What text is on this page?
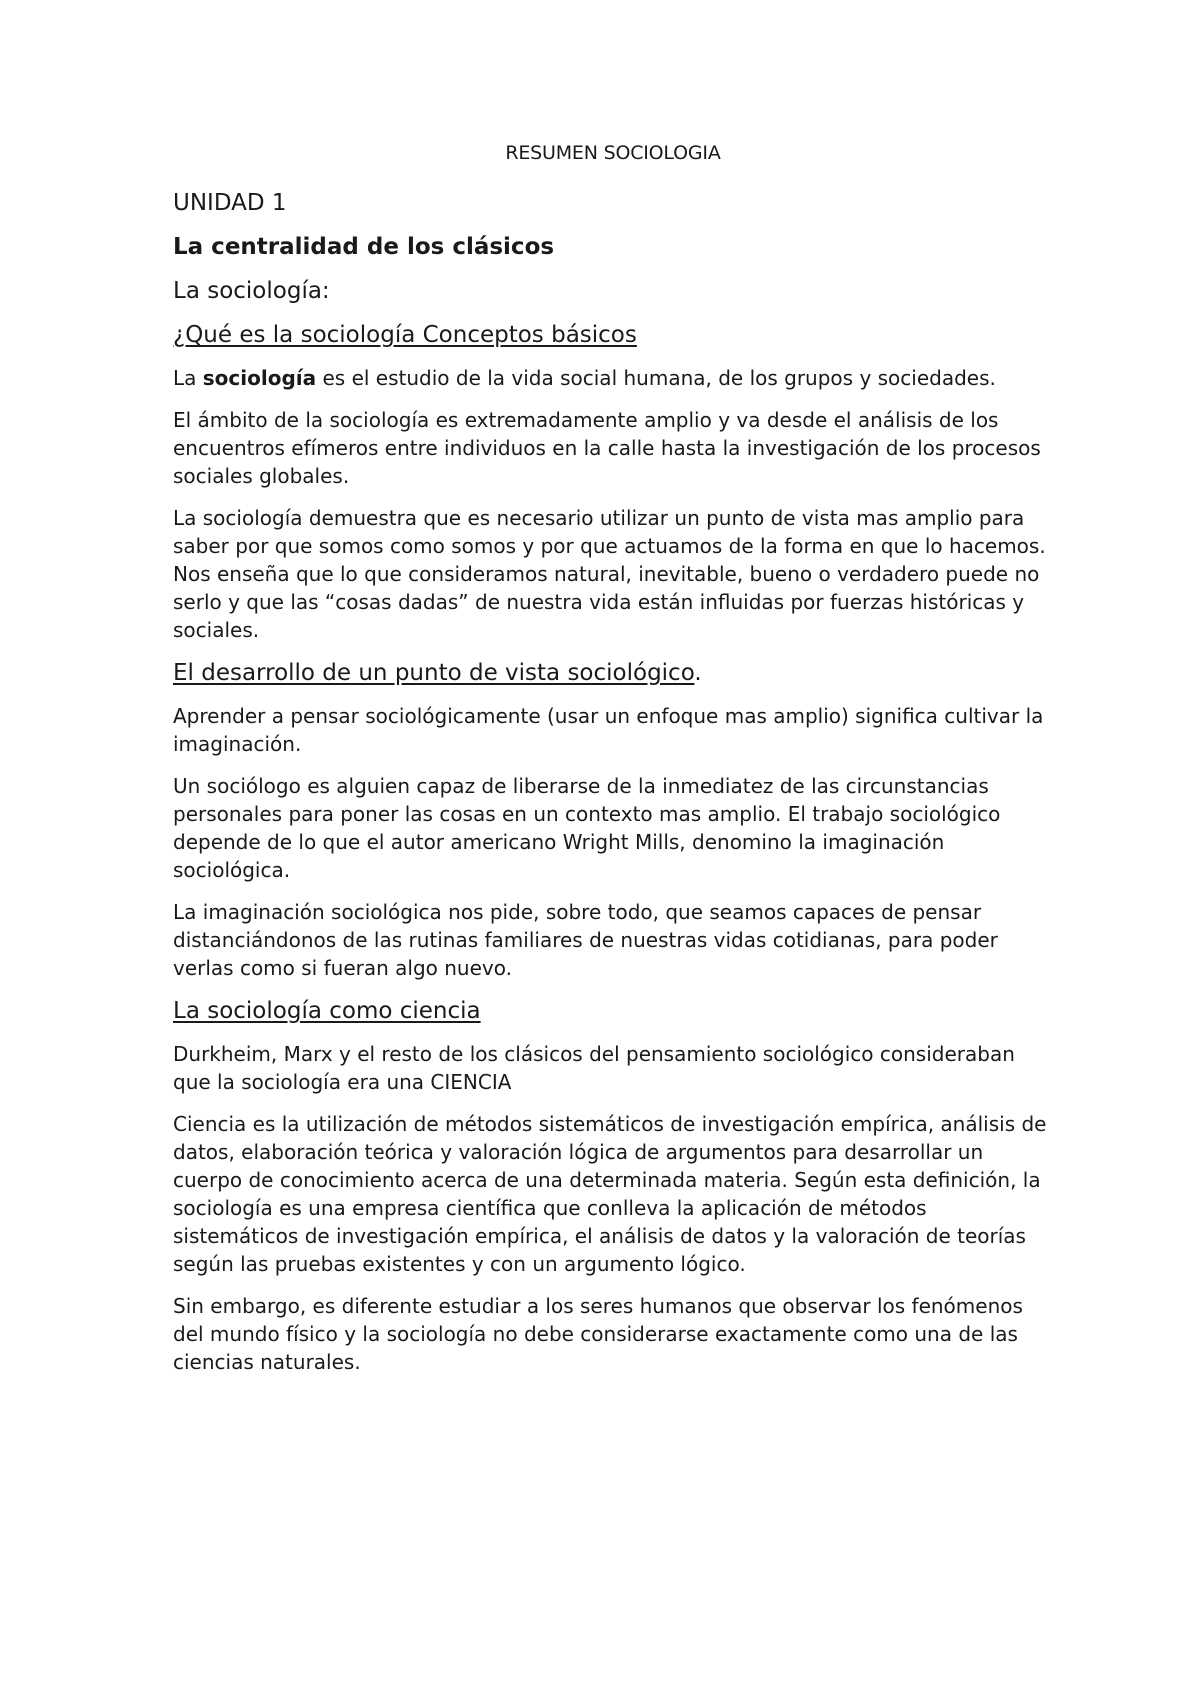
RESUMEN SOCIOLOGIA
UNIDAD 1
La centralidad de los clásicos
La sociología:
¿Qué es la sociología Conceptos básicos

La sociología es el estudio de la vida social humana, de los grupos y sociedades.

El ámbito de la sociología es extremadamente amplio y va desde el análisis de los encuentros efímeros entre individuos en la calle hasta la investigación de los procesos sociales globales.

La sociología demuestra que es necesario utilizar un punto de vista mas amplio para saber por que somos como somos y por que actuamos de la forma en que lo hacemos. Nos enseña que lo que consideramos natural, inevitable, bueno o verdadero puede no serlo y que las “cosas dadas” de nuestra vida están influidas por fuerzas históricas y sociales.

El desarrollo de un punto de vista sociológico.

Aprender a pensar sociológicamente (usar un enfoque mas amplio) significa cultivar la imaginación.

Un sociólogo es alguien capaz de liberarse de la inmediatez de las circunstancias personales para poner las cosas en un contexto mas amplio. El trabajo sociológico depende de lo que el autor americano Wright Mills, denomino la imaginación sociológica.

La imaginación sociológica nos pide, sobre todo, que seamos capaces de pensar distanciándonos de las rutinas familiares de nuestras vidas cotidianas, para poder verlas como si fueran algo nuevo.

La sociología como ciencia

Durkheim, Marx y el resto de los clásicos del pensamiento sociológico consideraban que la sociología era una CIENCIA

Ciencia es la utilización de métodos sistemáticos de investigación empírica, análisis de datos, elaboración teórica y valoración lógica de argumentos para desarrollar un cuerpo de conocimiento acerca de una determinada materia. Según esta definición, la sociología es una empresa científica que conlleva la aplicación de métodos sistemáticos de investigación empírica, el análisis de datos y la valoración de teorías según las pruebas existentes y con un argumento lógico.

Sin embargo, es diferente estudiar a los seres humanos que observar los fenómenos del mundo físico y la sociología no debe considerarse exactamente como una de las ciencias naturales.
